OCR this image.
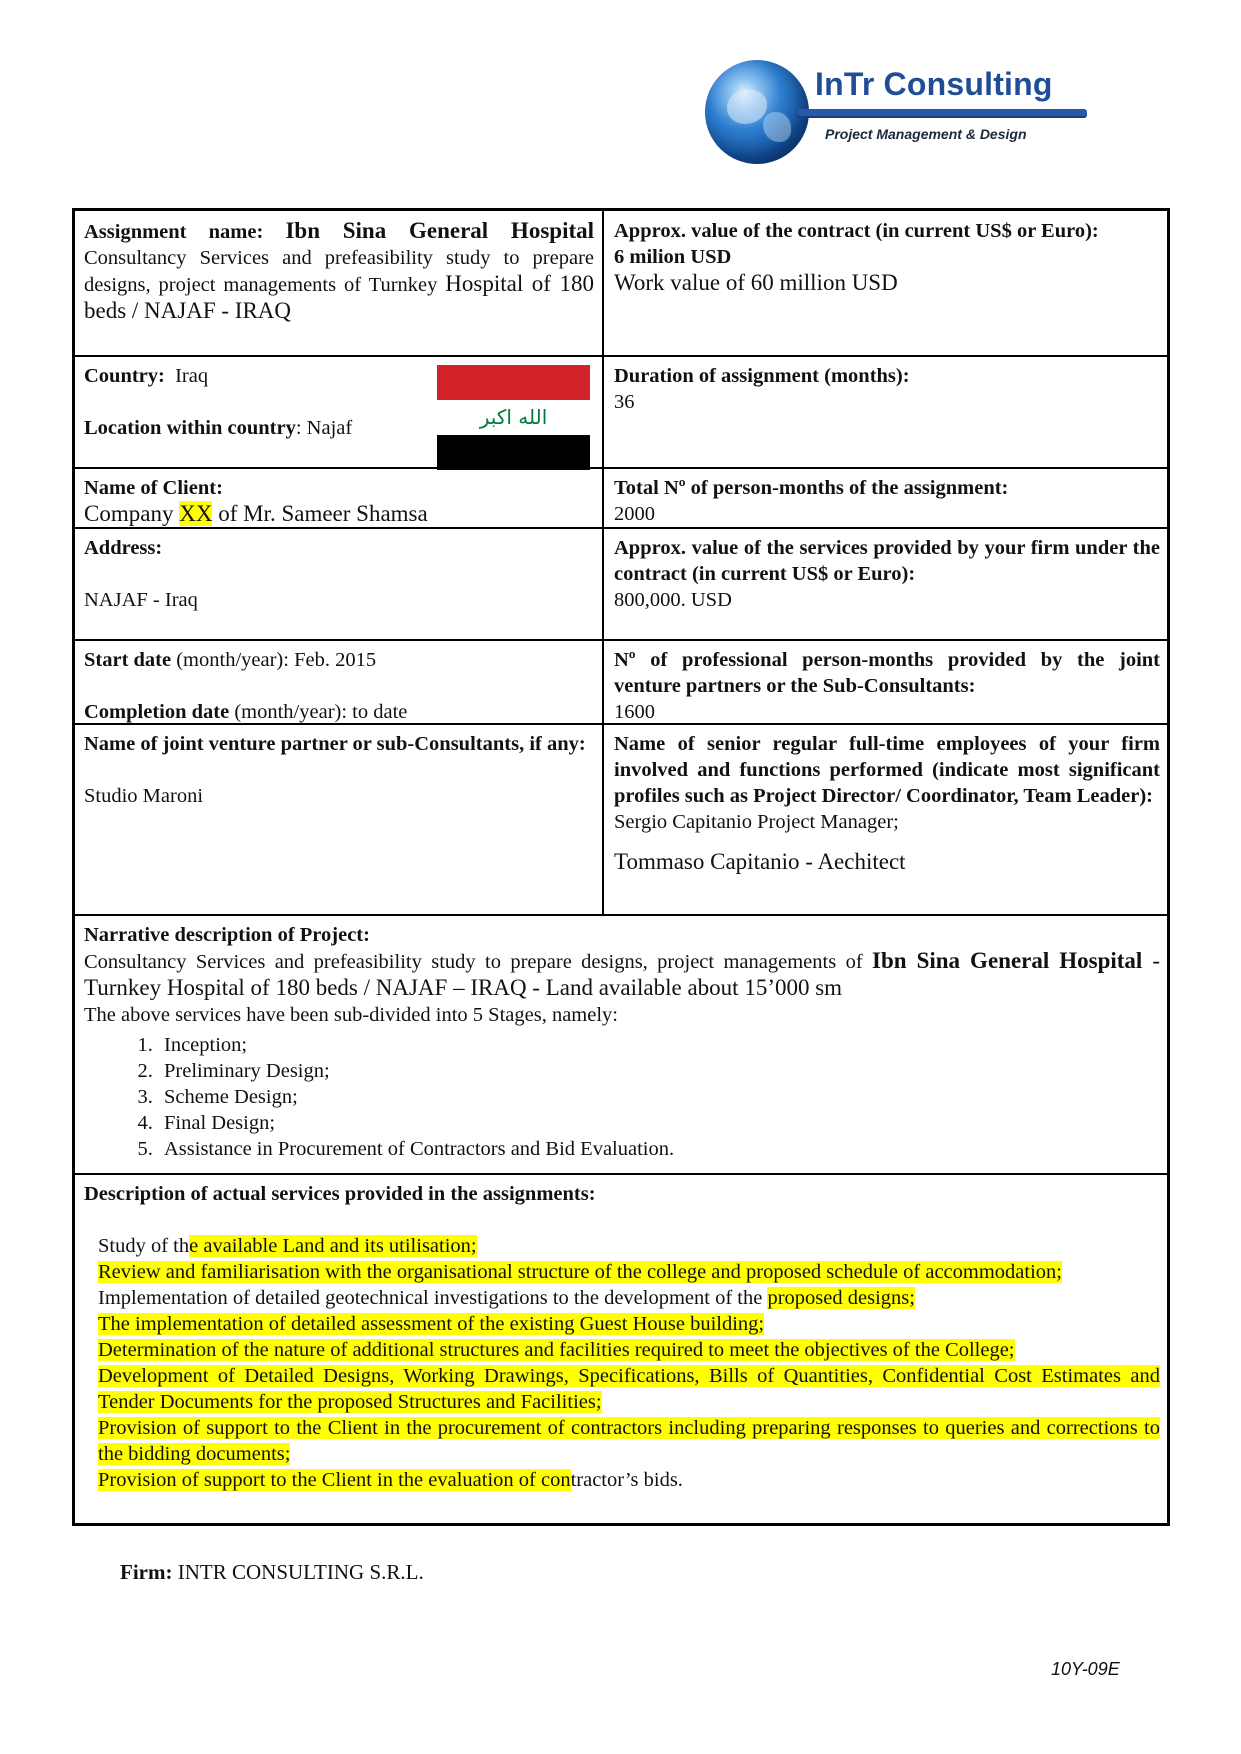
InTr Consulting
Project Management & Design
Assignment name: Ibn Sina General Hospital Consultancy Services and prefeasibility study to prepare designs, project managements of Turnkey Hospital of 180 beds / NAJAF - IRAQ
Approx. value of the contract (in current US$ or Euro):
6 milion USD
Work value of 60 million USD
Country: Iraq
Location within country: Najaf	الله اكبر
Duration of assignment (months):
36
Name of Client:
Company XX of Mr. Sameer Shamsa
Total Nº of person-months of the assignment:
2000
Address:
NAJAF - Iraq
Approx. value of the services provided by your firm under the contract (in current US$ or Euro):
800,000. USD
Start date (month/year): Feb. 2015
Completion date (month/year): to date
Nº of professional person-months provided by the joint venture partners or the Sub-Consultants:
1600
Name of joint venture partner or sub-Consultants, if any:
Studio Maroni
Name of senior regular full-time employees of your firm involved and functions performed (indicate most significant profiles such as Project Director/ Coordinator, Team Leader):
Sergio Capitanio Project Manager;
Tommaso Capitanio - Aechitect
Narrative description of Project:
Consultancy Services and prefeasibility study to prepare designs, project managements of Ibn Sina General Hospital - Turnkey Hospital of 180 beds / NAJAF – IRAQ - Land available about 15’000 sm
The above services have been sub-divided into 5 Stages, namely:
1. Inception;
2. Preliminary Design;
3. Scheme Design;
4. Final Design;
5. Assistance in Procurement of Contractors and Bid Evaluation.
Description of actual services provided in the assignments:
Study of the available Land and its utilisation;
Review and familiarisation with the organisational structure of the college and proposed schedule of accommodation;
Implementation of detailed geotechnical investigations to the development of the proposed designs;
The implementation of detailed assessment of the existing Guest House building;
Determination of the nature of additional structures and facilities required to meet the objectives of the College;
Development of Detailed Designs, Working Drawings, Specifications, Bills of Quantities, Confidential Cost Estimates and Tender Documents for the proposed Structures and Facilities;
Provision of support to the Client in the procurement of contractors including preparing responses to queries and corrections to the bidding documents;
Provision of support to the Client in the evaluation of contractor’s bids.
Firm: INTR CONSULTING S.R.L.
10Y-09E
